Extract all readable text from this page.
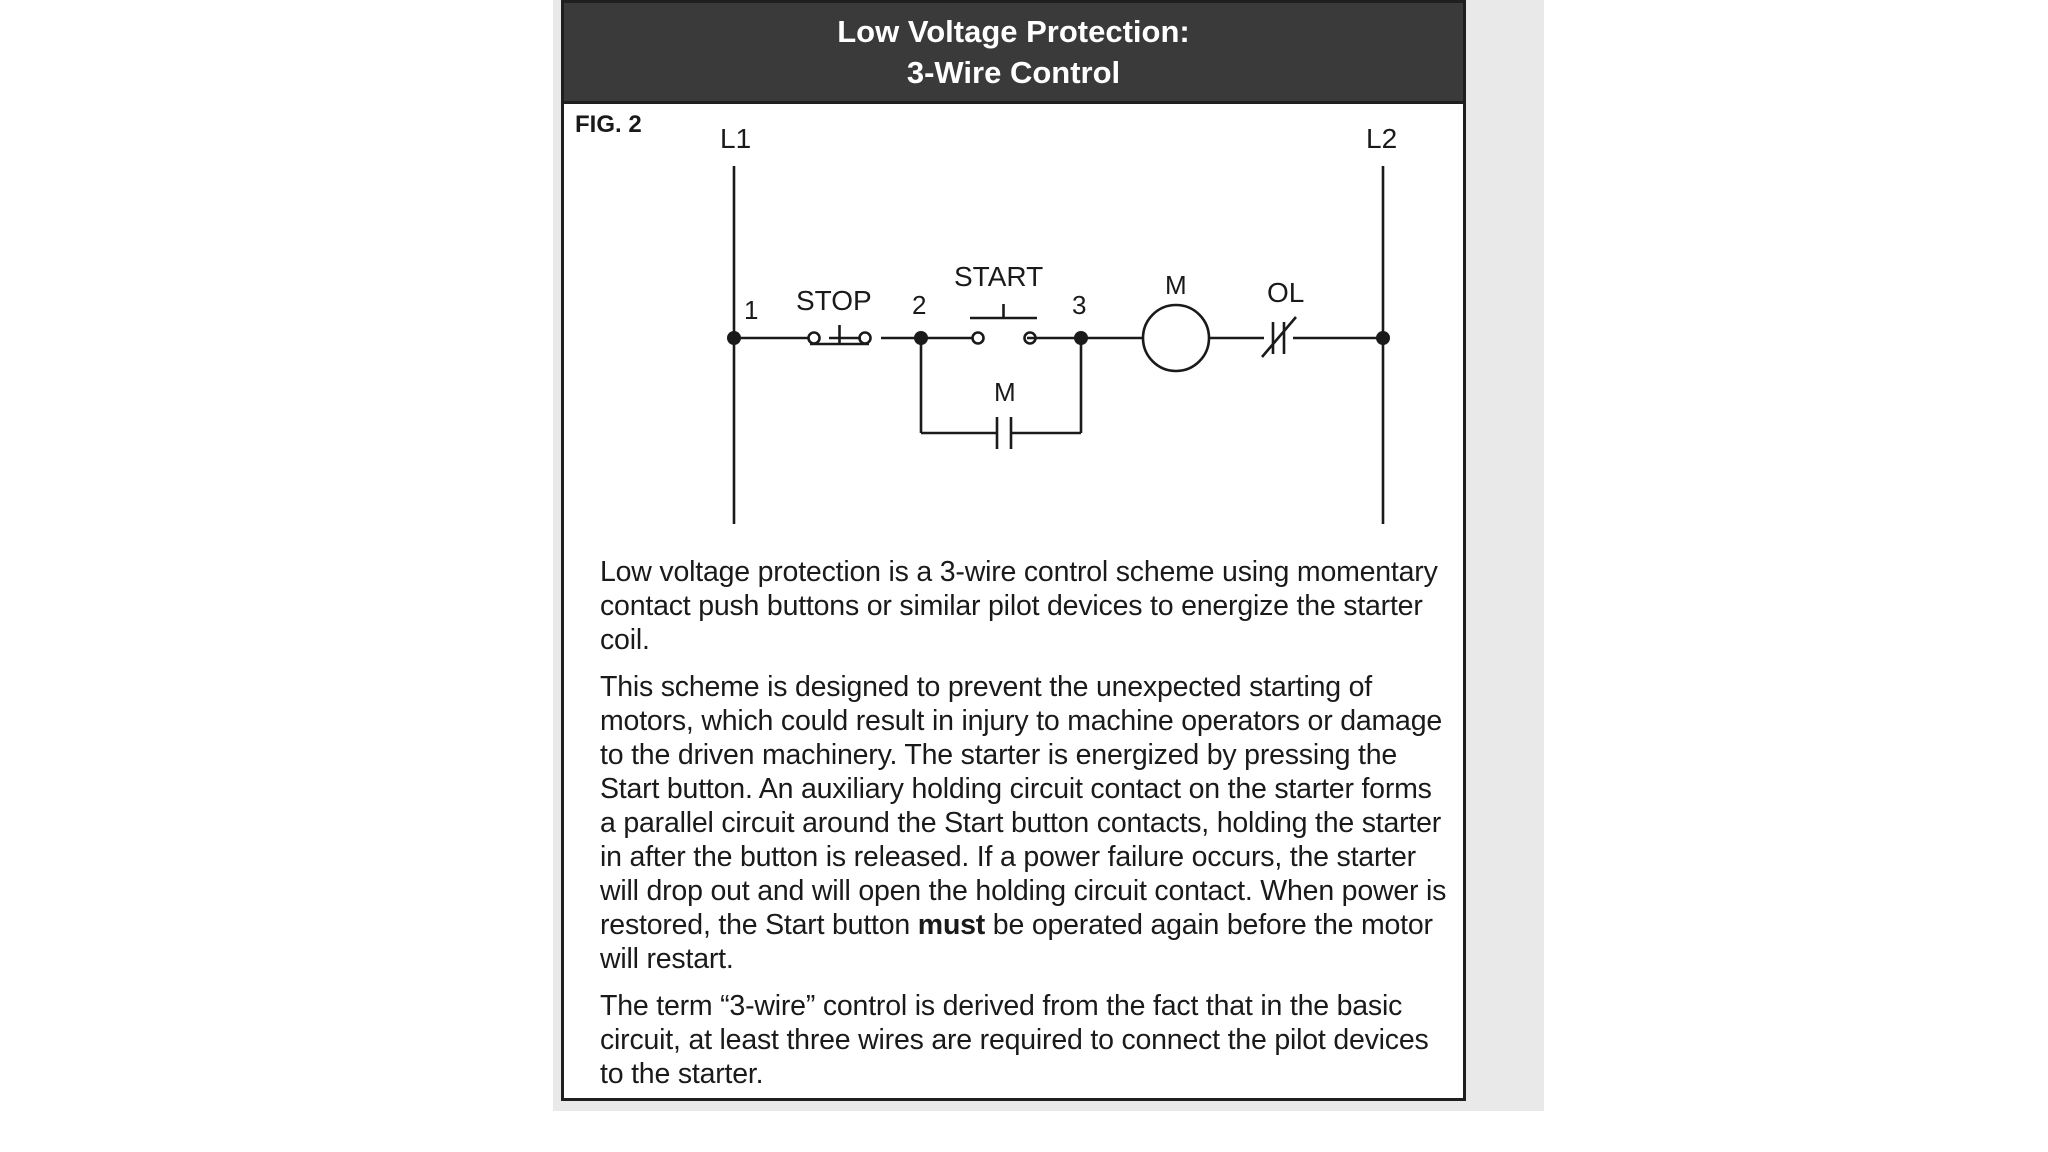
Low Voltage Protection:
3-Wire Control
FIG. 2	L1	L2
1 STOP 2
START
3
M	OL
M

Low voltage protection is a 3-wire control scheme using momentary contact push buttons or similar pilot devices to energize the starter coil.

This scheme is designed to prevent the unexpected starting of motors, which could result in injury to machine operators or damage to the driven machinery. The starter is energized by pressing the Start button. An auxiliary holding circuit contact on the starter forms a parallel circuit around the Start button contacts, holding the starter in after the button is released. If a power failure occurs, the starter will drop out and will open the holding circuit contact. When power is restored, the Start button must be operated again before the motor will restart.

The term “3-wire” control is derived from the fact that in the basic circuit, at least three wires are required to connect the pilot devices to the starter.
